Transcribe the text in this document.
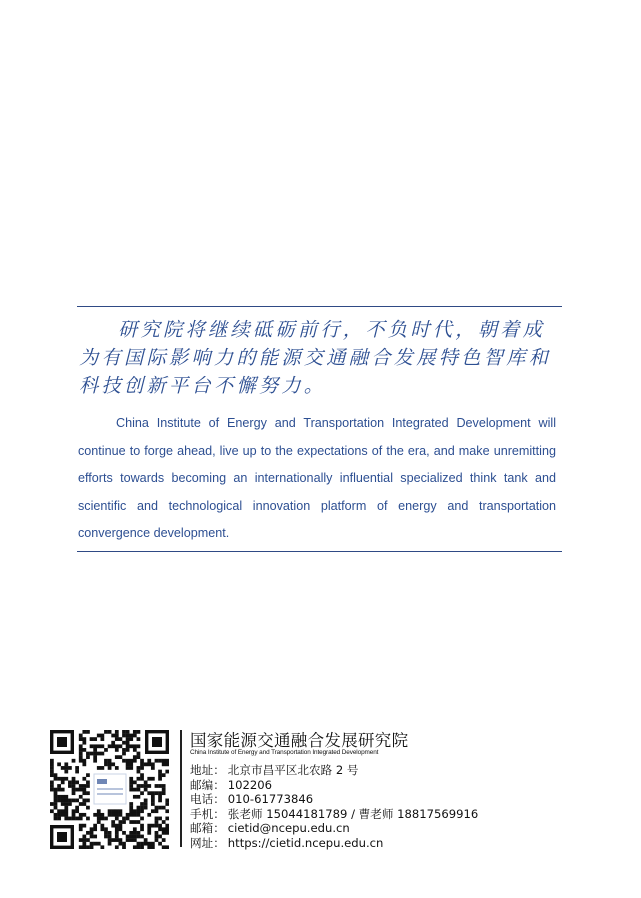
研究院将继续砥砺前行，不负时代，朝着成为有国际影响力的能源交通融合发展特色智库和科技创新平台不懈努力。

China Institute of Energy and Transportation Integrated Development will continue to forge ahead, live up to the expectations of the era, and make unremitting efforts towards becoming an internationally influential specialized think tank and scientific and technological innovation platform of energy and transportation convergence development.

国家能源交通融合发展研究院
China Institute of Energy and Transportation Integrated Development
地址： 北京市昌平区北农路 2 号
邮编： 102206
电话： 010-61773846
手机： 张老师 15044181789 / 曹老师 18817569916
邮箱： cietid@ncepu.edu.cn
网址： https://cietid.ncepu.edu.cn
